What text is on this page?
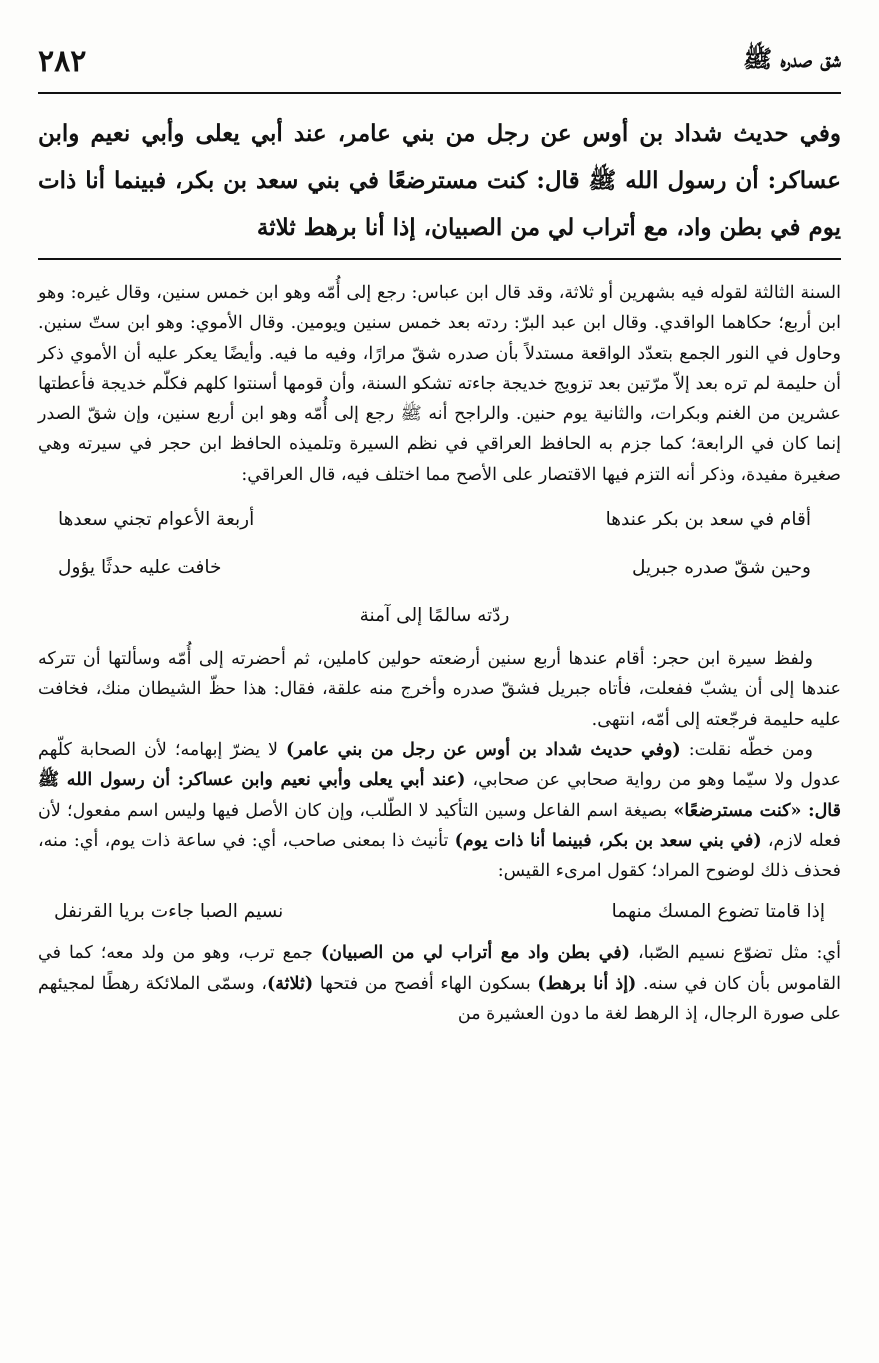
شق صدره ﷺ
٢٨٢

وفي حديث شداد بن أوس عن رجل من بني عامر، عند أبي يعلى وأبي نعيم وابن عساكر: أن رسول الله ﷺ قال: كنت مسترضعًا في بني سعد بن بكر، فبينما أنا ذات يوم في بطن واد، مع أتراب لي من الصبيان، إذا أنا برهط ثلاثة

السنة الثالثة لقوله فيه بشهرين أو ثلاثة، وقد قال ابن عباس: رجع إلى أُمّه وهو ابن خمس سنين، وقال غيره: وهو ابن أربع؛ حكاهما الواقدي. وقال ابن عبد البرّ: ردته بعد خمس سنين ويومين. وقال الأموي: وهو ابن ستّ سنين. وحاول في النور الجمع بتعدّد الواقعة مستدلاً بأن صدره شقّ مرارًا، وفيه ما فيه. وأيضًا يعكر عليه أن الأموي ذكر أن حليمة لم تره بعد إلاّ مرّتين بعد تزويج خديجة جاءته تشكو السنة، وأن قومها أسنتوا كلهم فكلّم خديجة فأعطتها عشرين من الغنم وبكرات، والثانية يوم حنين. والراجح أنه ﷺ رجع إلى أُمّه وهو ابن أربع سنين، وإن شقّ الصدر إنما كان في الرابعة؛ كما جزم به الحافظ العراقي في نظم السيرة وتلميذه الحافظ ابن حجر في سيرته وهي صغيرة مفيدة، وذكر أنه التزم فيها الاقتصار على الأصح مما اختلف فيه، قال العراقي:

أقام في سعد بن بكر عندها
أربعة الأعوام تجني سعدها
وحين شقّ صدره جبريل
خافت عليه حدثًا يؤول
ردّته سالمًا إلى آمنة

ولفظ سيرة ابن حجر: أقام عندها أربع سنين أرضعته حولين كاملين، ثم أحضرته إلى أُمّه وسألتها أن تتركه عندها إلى أن يشبّ ففعلت، فأتاه جبريل فشقّ صدره وأخرج منه علقة، فقال: هذا حظّ الشيطان منك، فخافت عليه حليمة فرجّعته إلى أمّه، انتهى.

ومن خطّه نقلت: (وفي حديث شداد بن أوس عن رجل من بني عامر) لا يضرّ إبهامه؛ لأن الصحابة كلّهم عدول ولا سيّما وهو من رواية صحابي عن صحابي، (عند أبي يعلى وأبي نعيم وابن عساكر: أن رسول الله ﷺ قال: «كنت مسترضعًا» بصيغة اسم الفاعل وسين التأكيد لا الطّلب، وإن كان الأصل فيها وليس اسم مفعول؛ لأن فعله لازم، (في بني سعد بن بكر، فبينما أنا ذات يوم) تأنيث ذا بمعنى صاحب، أي: في ساعة ذات يوم، أي: منه، فحذف ذلك لوضوح المراد؛ كقول امرىء القيس:

إذا قامتا تضوع المسك منهما
نسيم الصبا جاءت بريا القرنفل

أي: مثل تضوّع نسيم الصّبا، (في بطن واد مع أتراب لي من الصبيان) جمع ترب، وهو من ولد معه؛ كما في القاموس بأن كان في سنه. (إذ أنا برهط) بسكون الهاء أفصح من فتحها (ثلاثة)، وسمّى الملائكة رهطًا لمجيئهم على صورة الرجال، إذ الرهط لغة ما دون العشيرة من
